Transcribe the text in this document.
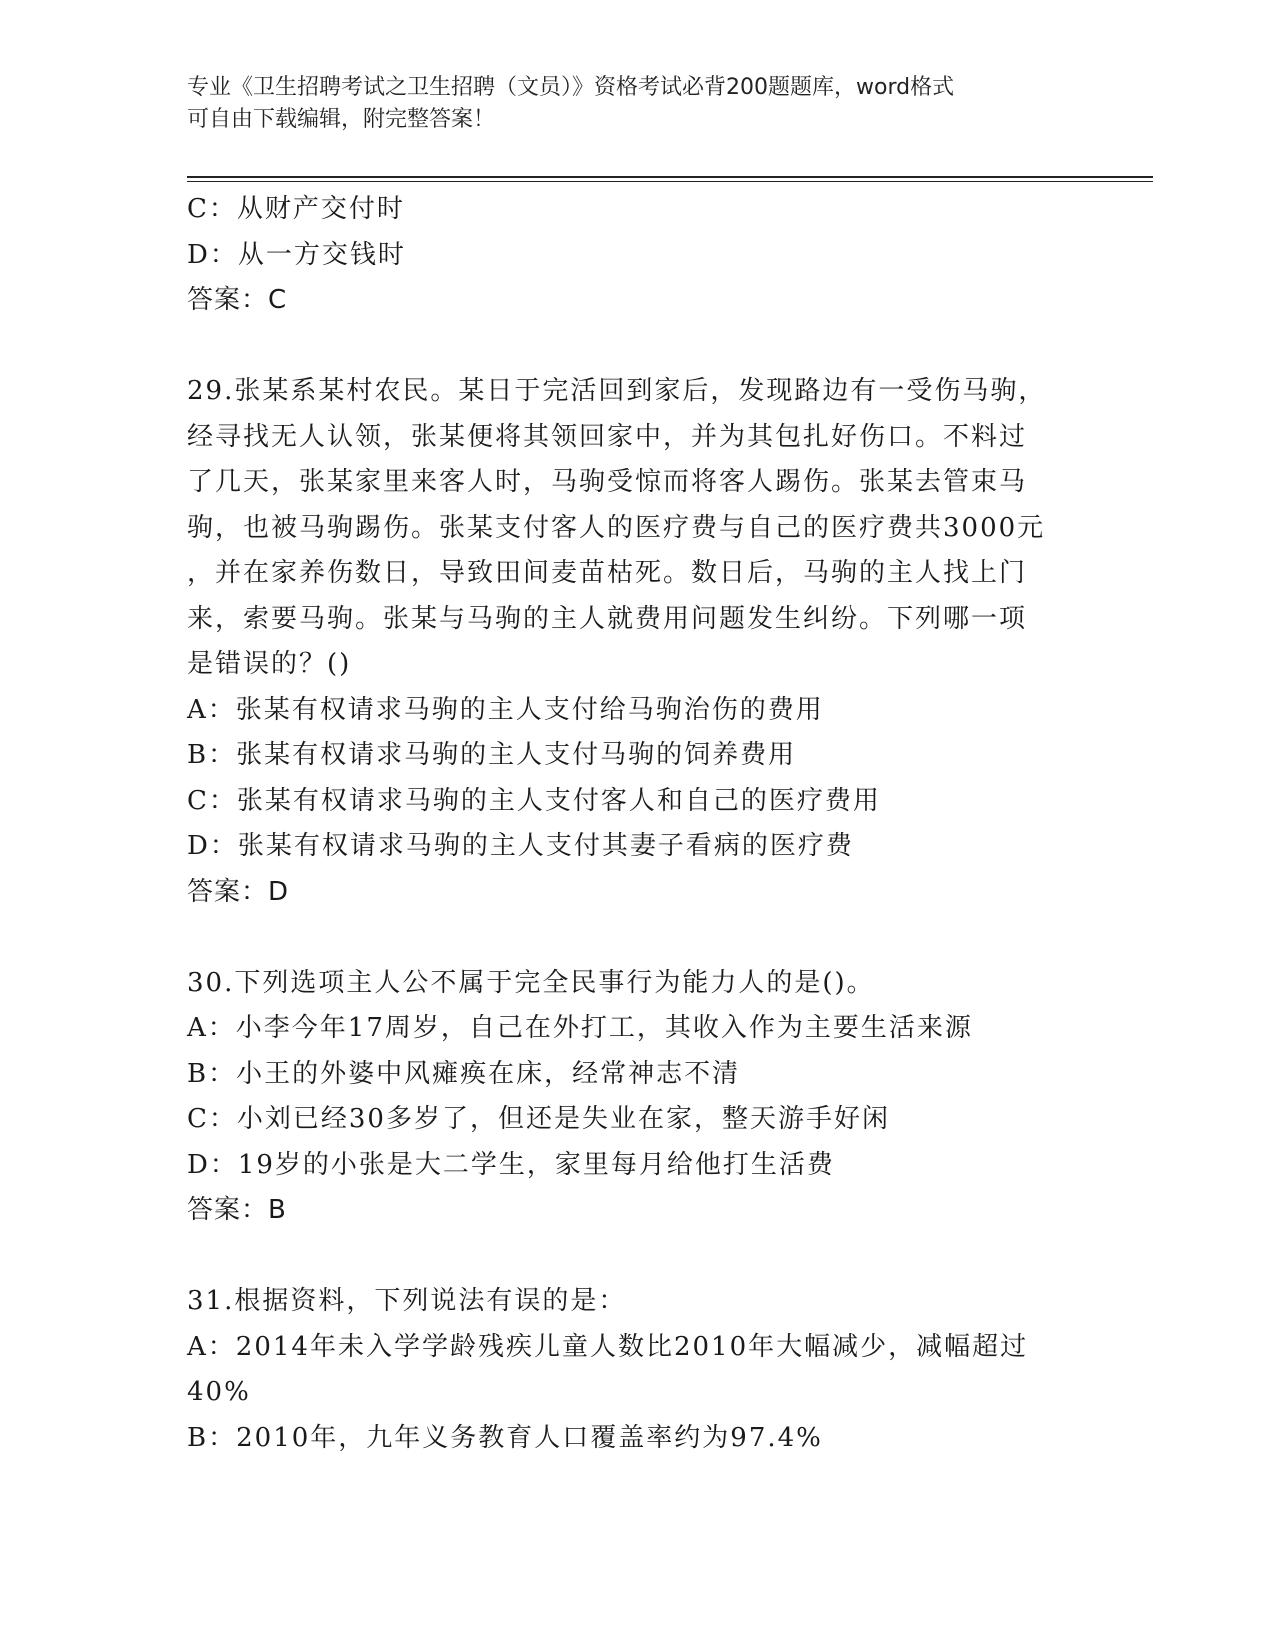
专业《卫生招聘考试之卫生招聘（文员）》资格考试必背200题题库，word格式
可自由下载编辑，附完整答案！
C：从财产交付时
D：从一方交钱时
答案：C
29.张某系某村农民。某日于完活回到家后，发现路边有一受伤马驹，
经寻找无人认领，张某便将其领回家中，并为其包扎好伤口。不料过
了几天，张某家里来客人时，马驹受惊而将客人踢伤。张某去管束马
驹，也被马驹踢伤。张某支付客人的医疗费与自己的医疗费共3000元
，并在家养伤数日，导致田间麦苗枯死。数日后，马驹的主人找上门
来，索要马驹。张某与马驹的主人就费用问题发生纠纷。下列哪一项
是错误的？()
A：张某有权请求马驹的主人支付给马驹治伤的费用
B：张某有权请求马驹的主人支付马驹的饲养费用
C：张某有权请求马驹的主人支付客人和自己的医疗费用
D：张某有权请求马驹的主人支付其妻子看病的医疗费
答案：D
30.下列选项主人公不属于完全民事行为能力人的是()。
A：小李今年17周岁，自己在外打工，其收入作为主要生活来源
B：小王的外婆中风瘫痪在床，经常神志不清
C：小刘已经30多岁了，但还是失业在家，整天游手好闲
D：19岁的小张是大二学生，家里每月给他打生活费
答案：B
31.根据资料，下列说法有误的是：
A：2014年未入学学龄残疾儿童人数比2010年大幅减少，减幅超过
40%
B：2010年，九年义务教育人口覆盖率约为97.4%
